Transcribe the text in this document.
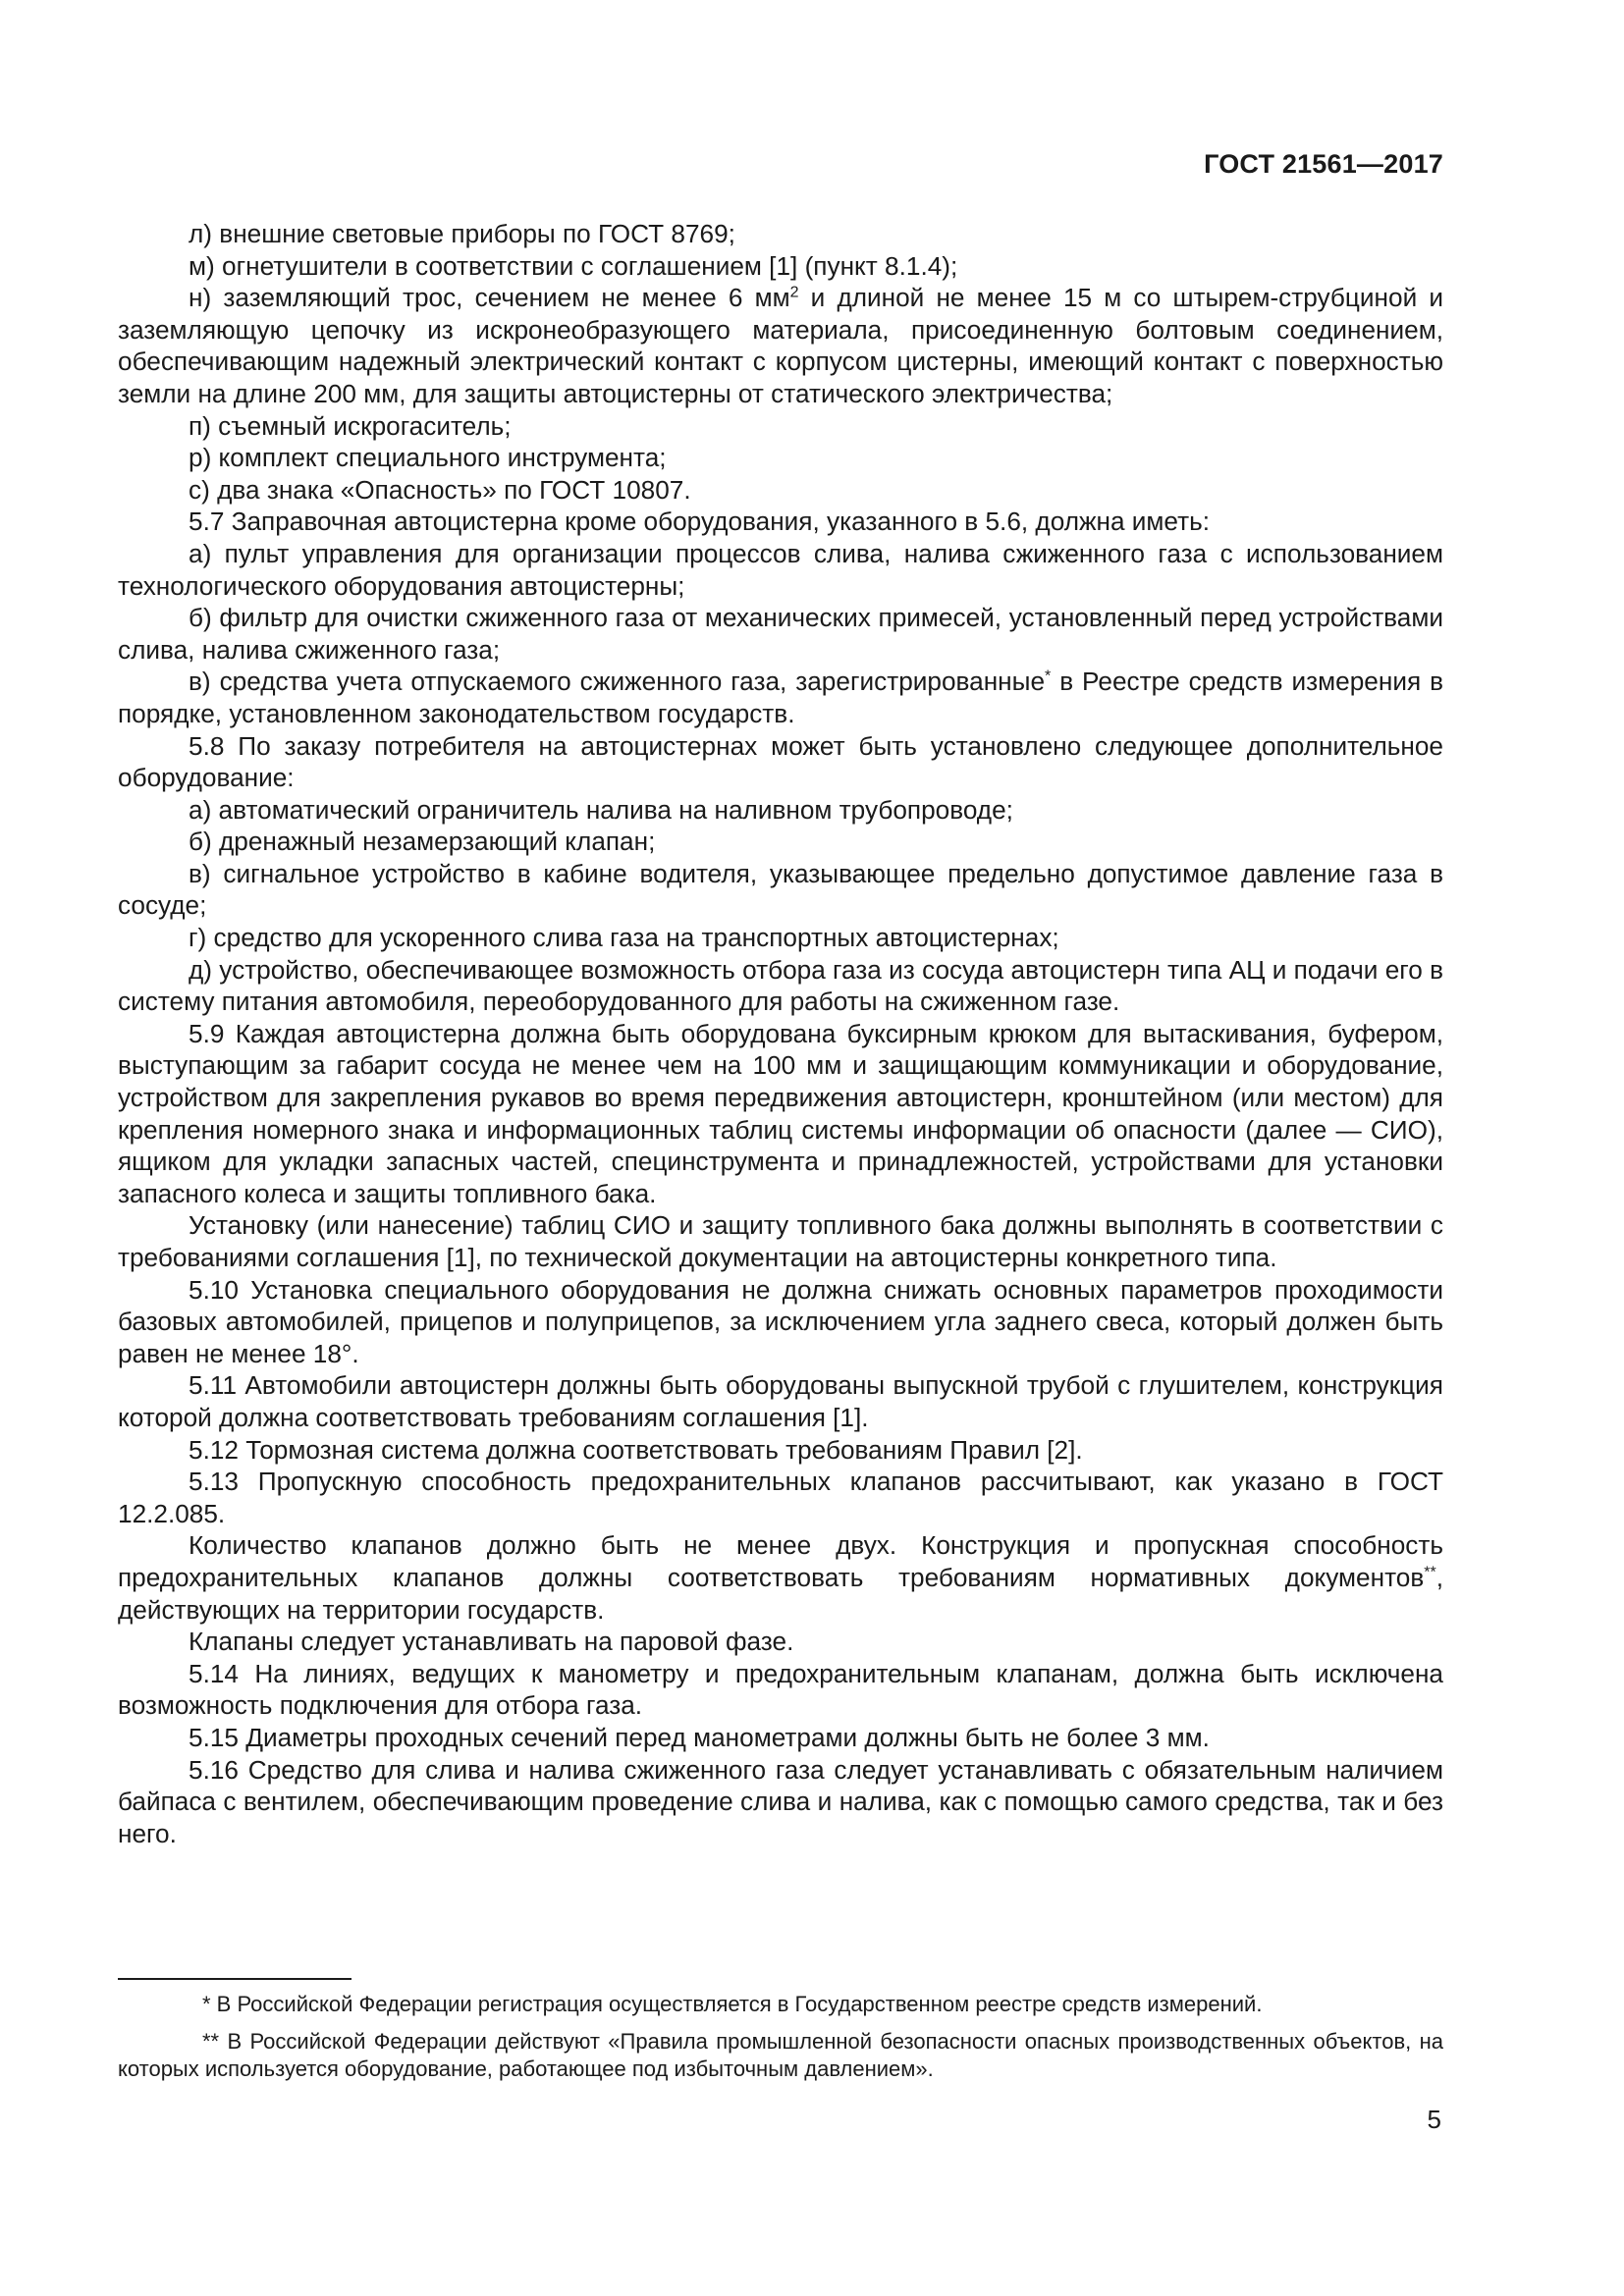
ГОСТ 21561—2017

л) внешние световые приборы по ГОСТ 8769;

м) огнетушители в соответствии с соглашением [1] (пункт 8.1.4);

н) заземляющий трос, сечением не менее 6 $мм^2$ и длиной не менее 15 м со штырем-струбциной и заземляющую цепочку из искронеобразующего материала, присоединенную болтовым соединением, обеспечивающим надежный электрический контакт с корпусом цистерны, имеющий контакт с поверхностью земли на длине 200 мм, для защиты автоцистерны от статического электричества;

п) съемный искрогаситель;

р) комплект специального инструмента;

с) два знака «Опасность» по ГОСТ 10807.

5.7 Заправочная автоцистерна кроме оборудования, указанного в 5.6, должна иметь:

а) пульт управления для организации процессов слива, налива сжиженного газа с использованием технологического оборудования автоцистерны;

б) фильтр для очистки сжиженного газа от механических примесей, установленный перед устройствами слива, налива сжиженного газа;

в) средства учета отпускаемого сжиженного газа, зарегистрированные* в Реестре средств измерения в порядке, установленном законодательством государств.

5.8 По заказу потребителя на автоцистернах может быть установлено следующее дополнительное оборудование:

а) автоматический ограничитель налива на наливном трубопроводе;

б) дренажный незамерзающий клапан;

в) сигнальное устройство в кабине водителя, указывающее предельно допустимое давление газа в сосуде;

г) средство для ускоренного слива газа на транспортных автоцистернах;

д) устройство, обеспечивающее возможность отбора газа из сосуда автоцистерн типа АЦ и подачи его в систему питания автомобиля, переоборудованного для работы на сжиженном газе.

5.9 Каждая автоцистерна должна быть оборудована буксирным крюком для вытаскивания, буфером, выступающим за габарит сосуда не менее чем на 100 мм и защищающим коммуникации и оборудование, устройством для закрепления рукавов во время передвижения автоцистерн, кронштейном (или местом) для крепления номерного знака и информационных таблиц системы информации об опасности (далее — СИО), ящиком для укладки запасных частей, специнструмента и принадлежностей, устройствами для установки запасного колеса и защиты топливного бака.

Установку (или нанесение) таблиц СИО и защиту топливного бака должны выполнять в соответствии с требованиями соглашения [1], по технической документации на автоцистерны конкретного типа.

5.10 Установка специального оборудования не должна снижать основных параметров проходимости базовых автомобилей, прицепов и полуприцепов, за исключением угла заднего свеса, который должен быть равен не менее 18°.

5.11 Автомобили автоцистерн должны быть оборудованы выпускной трубой с глушителем, конструкция которой должна соответствовать требованиям соглашения [1].

5.12 Тормозная система должна соответствовать требованиям Правил [2].

5.13 Пропускную способность предохранительных клапанов рассчитывают, как указано в ГОСТ 12.2.085.

Количество клапанов должно быть не менее двух. Конструкция и пропускная способность предохранительных клапанов должны соответствовать требованиям нормативных документов**, действующих на территории государств.

Клапаны следует устанавливать на паровой фазе.

5.14 На линиях, ведущих к манометру и предохранительным клапанам, должна быть исключена возможность подключения для отбора газа.

5.15 Диаметры проходных сечений перед манометрами должны быть не более 3 мм.

5.16 Средство для слива и налива сжиженного газа следует устанавливать с обязательным наличием байпаса с вентилем, обеспечивающим проведение слива и налива, как с помощью самого средства, так и без него.

* В Российской Федерации регистрация осуществляется в Государственном реестре средств измерений.

** В Российской Федерации действуют «Правила промышленной безопасности опасных производственных объектов, на которых используется оборудование, работающее под избыточным давлением».

5
